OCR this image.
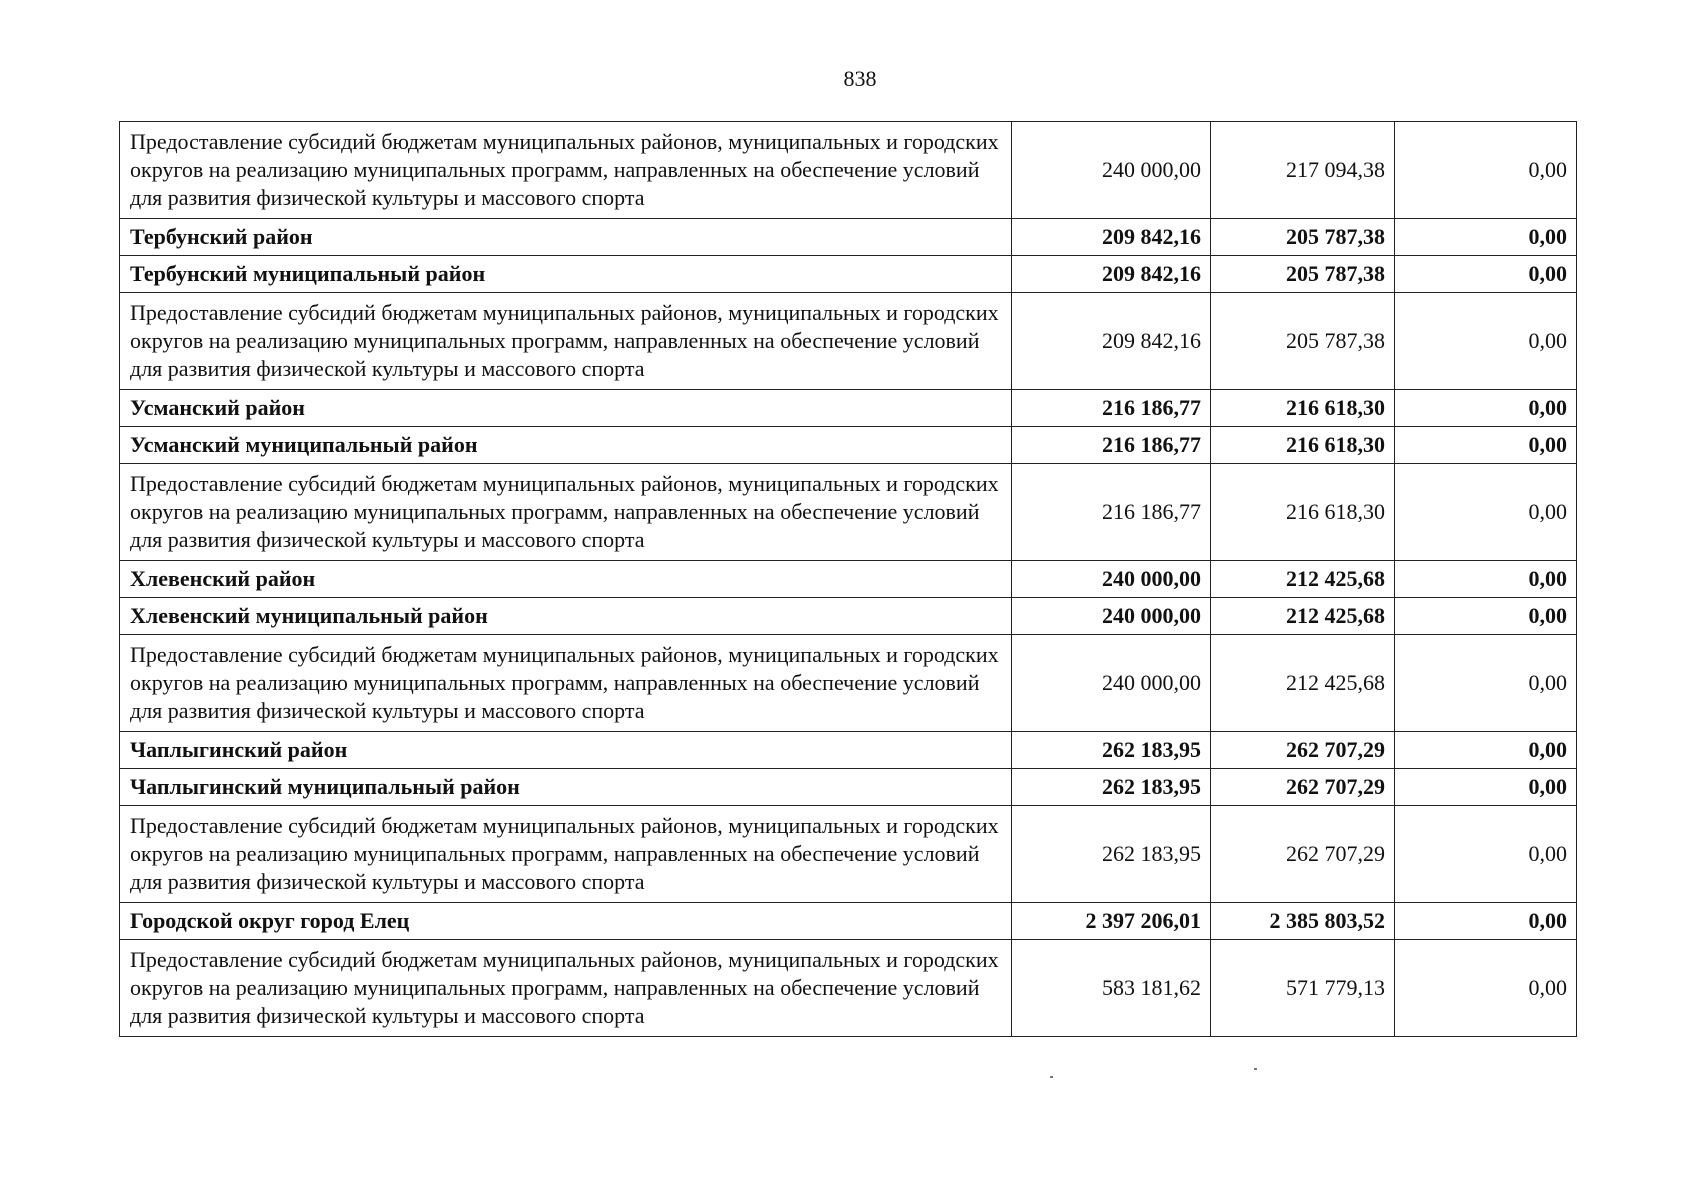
838
Предоставление субсидий бюджетам муниципальных районов, муниципальных и городских округов на реализацию муниципальных программ, направленных на обеспечение условий для развития физической культуры и массового спорта	240 000,00	217 094,38	0,00
Тербунский район	209 842,16	205 787,38	0,00
Тербунский муниципальный район	209 842,16	205 787,38	0,00
Предоставление субсидий бюджетам муниципальных районов, муниципальных и городских округов на реализацию муниципальных программ, направленных на обеспечение условий для развития физической культуры и массового спорта	209 842,16	205 787,38	0,00
Усманский район	216 186,77	216 618,30	0,00
Усманский муниципальный район	216 186,77	216 618,30	0,00
Предоставление субсидий бюджетам муниципальных районов, муниципальных и городских округов на реализацию муниципальных программ, направленных на обеспечение условий для развития физической культуры и массового спорта	216 186,77	216 618,30	0,00
Хлевенский район	240 000,00	212 425,68	0,00
Хлевенский муниципальный район	240 000,00	212 425,68	0,00
Предоставление субсидий бюджетам муниципальных районов, муниципальных и городских округов на реализацию муниципальных программ, направленных на обеспечение условий для развития физической культуры и массового спорта	240 000,00	212 425,68	0,00
Чаплыгинский район	262 183,95	262 707,29	0,00
Чаплыгинский муниципальный район	262 183,95	262 707,29	0,00
Предоставление субсидий бюджетам муниципальных районов, муниципальных и городских округов на реализацию муниципальных программ, направленных на обеспечение условий для развития физической культуры и массового спорта	262 183,95	262 707,29	0,00
Городской округ город Елец	2 397 206,01	2 385 803,52	0,00
Предоставление субсидий бюджетам муниципальных районов, муниципальных и городских округов на реализацию муниципальных программ, направленных на обеспечение условий для развития физической культуры и массового спорта	583 181,62	571 779,13	0,00
